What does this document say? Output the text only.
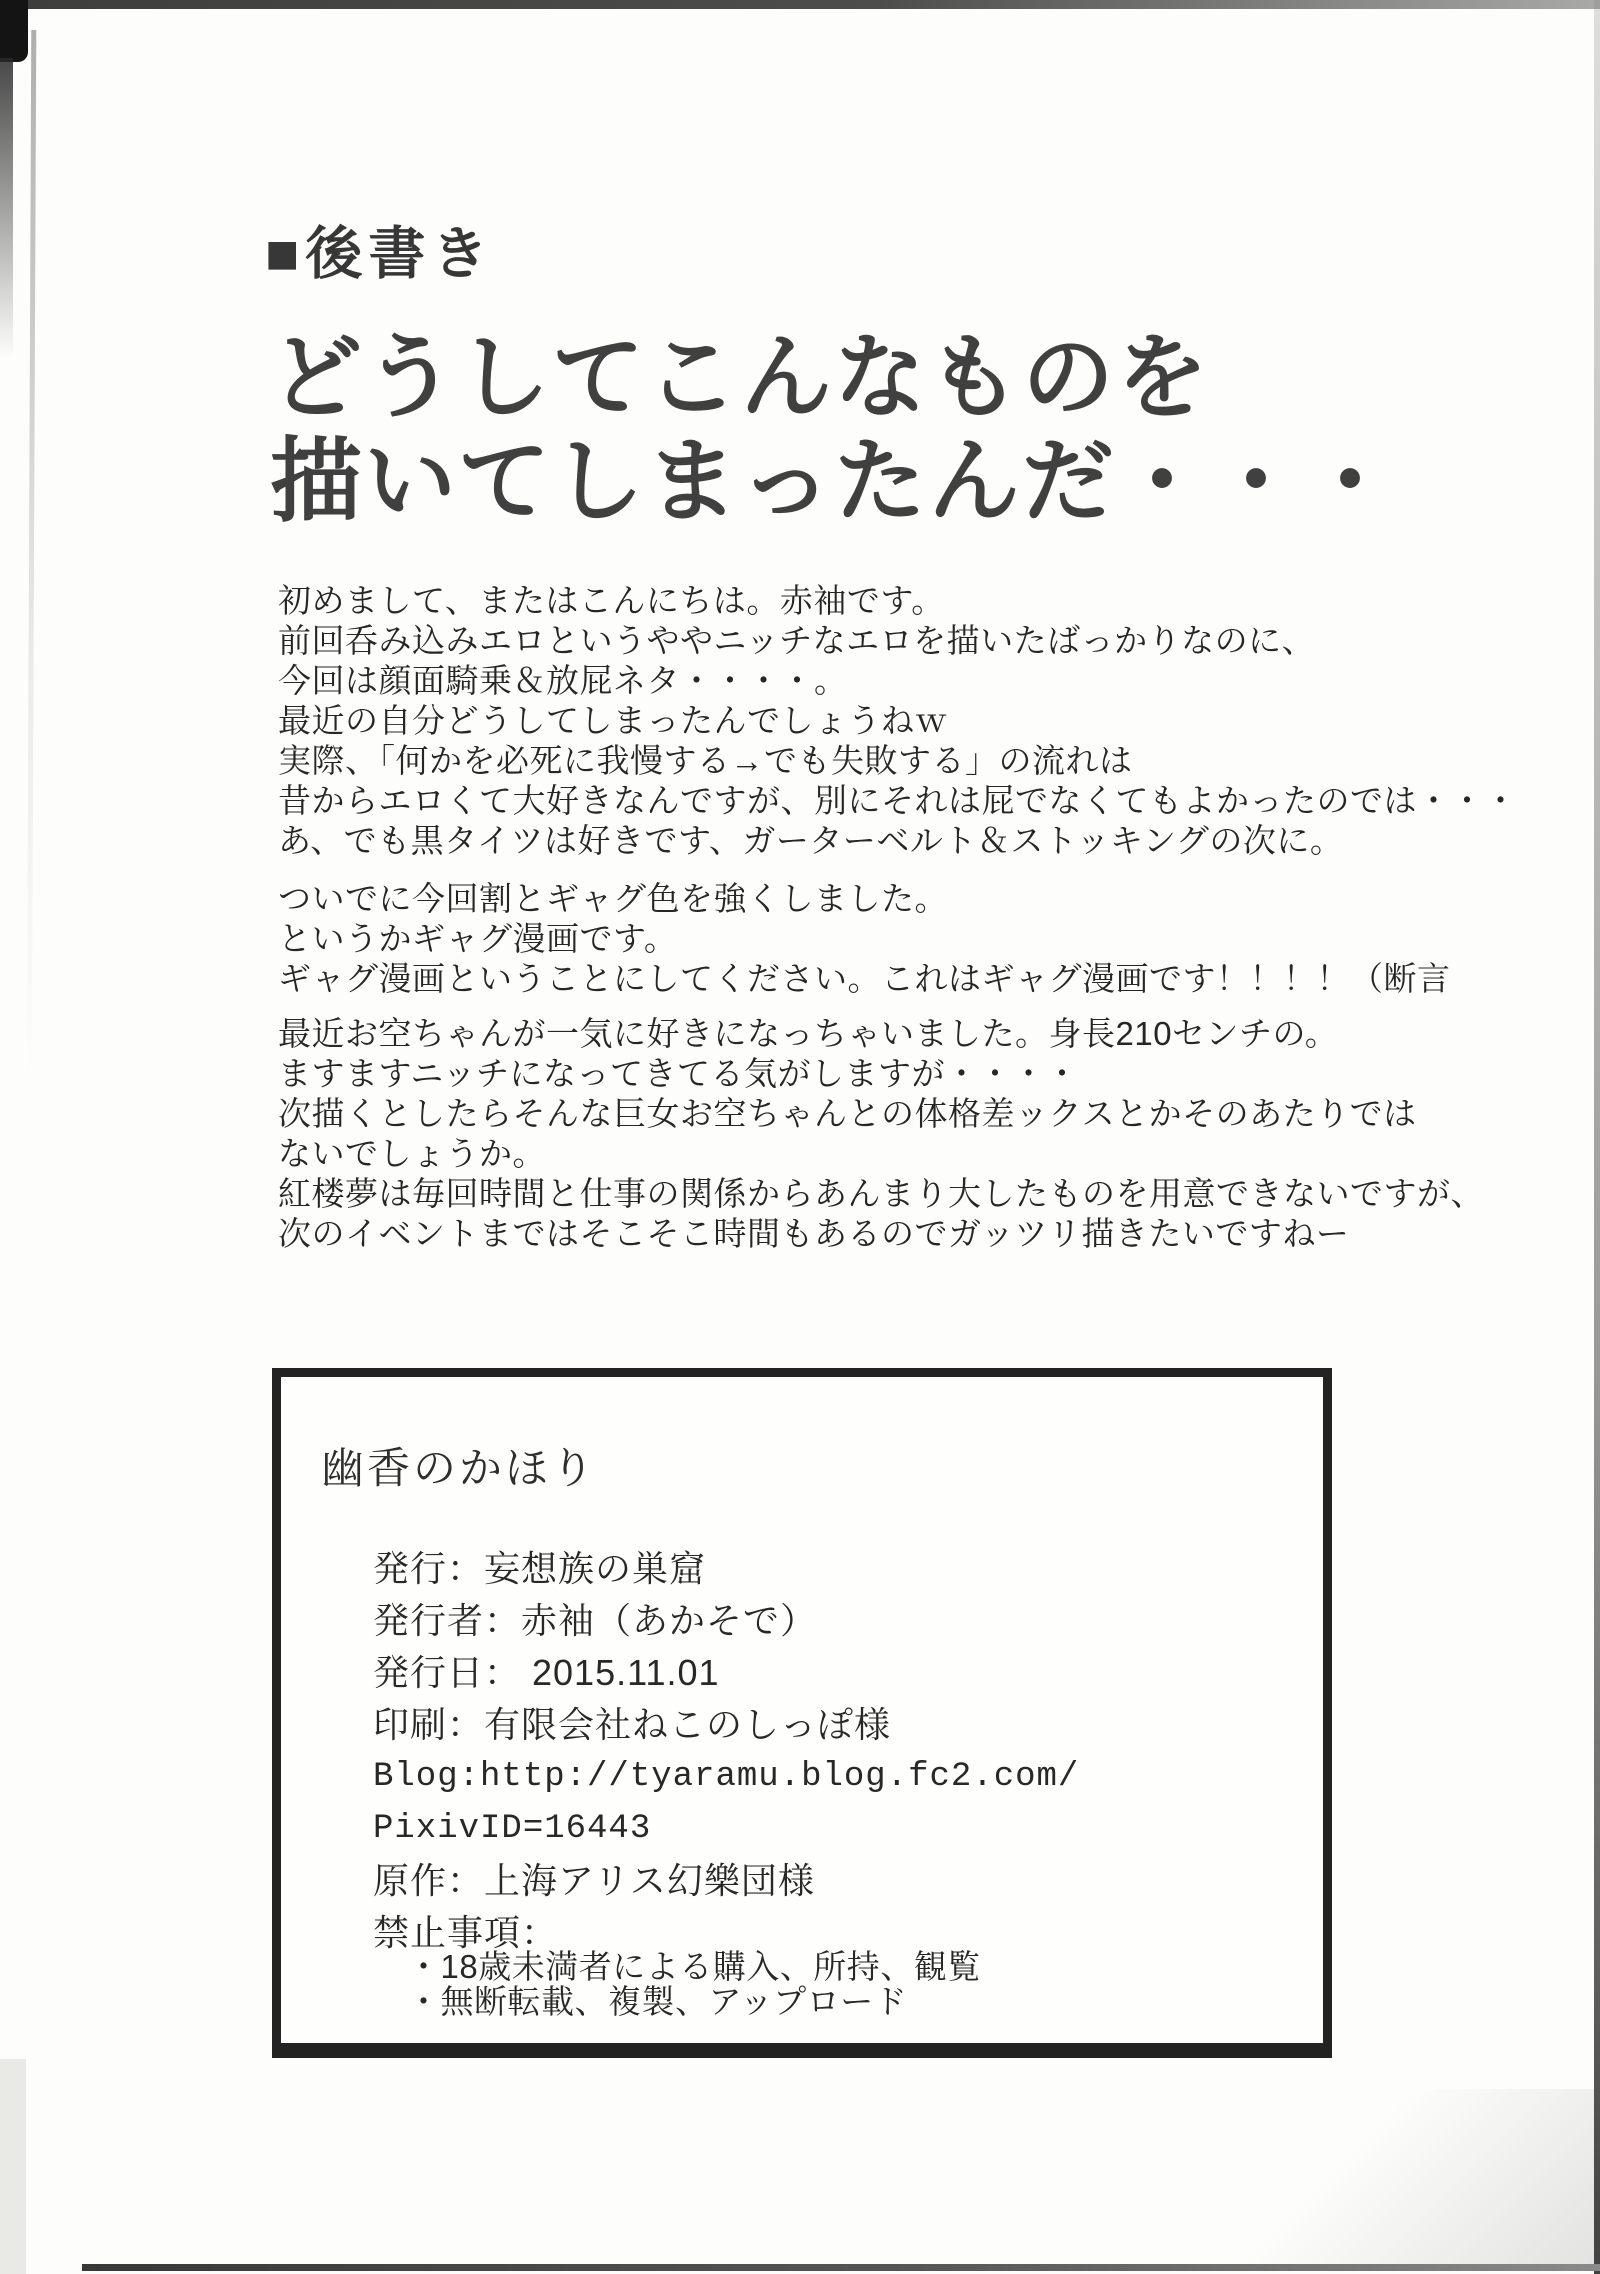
■後書き
どうしてこんなものを
描いてしまったんだ・・・
初めまして、またはこんにちは。赤袖です。
前回呑み込みエロというややニッチなエロを描いたばっかりなのに、
今回は顔面騎乗＆放屁ネタ・・・・。
最近の自分どうしてしまったんでしょうねｗ
実際、「何かを必死に我慢する→でも失敗する」の流れは
昔からエロくて大好きなんですが、別にそれは屁でなくてもよかったのでは・・・
あ、でも黒タイツは好きです、ガーターベルト＆ストッキングの次に。
ついでに今回割とギャグ色を強くしました。
というかギャグ漫画です。
ギャグ漫画ということにしてください。これはギャグ漫画です！！！！（断言
最近お空ちゃんが一気に好きになっちゃいました。身長210センチの。
ますますニッチになってきてる気がしますが・・・・
次描くとしたらそんな巨女お空ちゃんとの体格差ックスとかそのあたりでは
ないでしょうか。
紅楼夢は毎回時間と仕事の関係からあんまり大したものを用意できないですが、
次のイベントまではそこそこ時間もあるのでガッツリ描きたいですねー
幽香のかほり
発行：妄想族の巣窟
発行者：赤袖（あかそで）
発行日： 2015.11.01
印刷：有限会社ねこのしっぽ様
Blog:http://tyaramu.blog.fc2.com/
PixivID=16443
原作：上海アリス幻樂団様
禁止事項：
・18歳未満者による購入、所持、観覧
・無断転載、複製、アップロード
